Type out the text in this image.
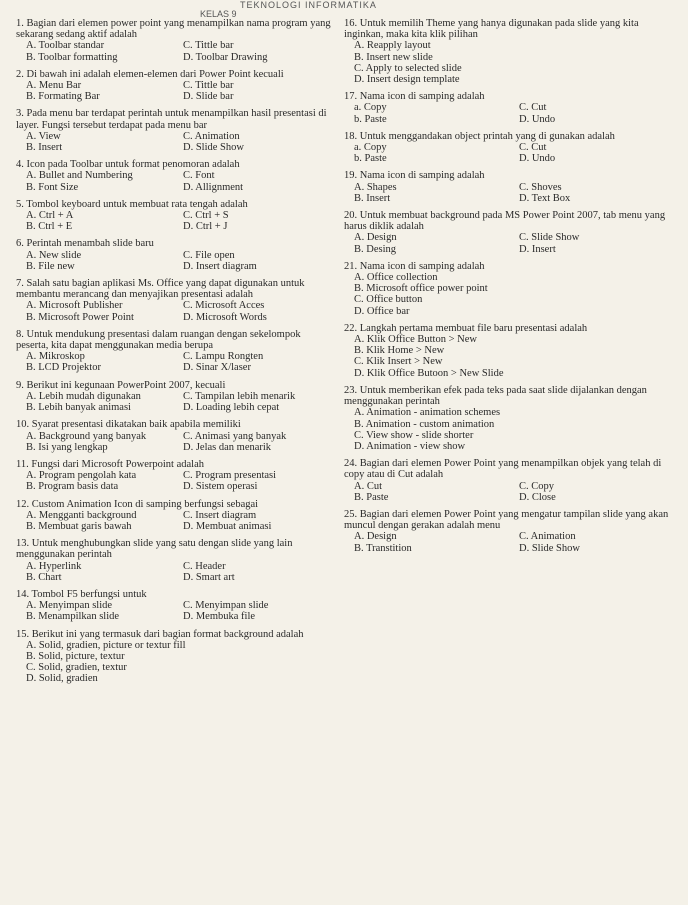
TEKNOLOGI INFORMATIKA
KELAS 9

1. Bagian dari elemen power point yang menampilkan nama program yang sekarang sedang aktif adalah

A. Toolbar standar	C. Tittle bar
B. Toolbar formatting	D. Toolbar Drawing

2. Di bawah ini adalah elemen-elemen dari Power Point kecuali

A. Menu Bar	C. Tittle bar
B. Formating Bar	D. Slide bar

3. Pada menu bar terdapat perintah untuk menampilkan hasil presentasi di layer. Fungsi tersebut terdapat pada menu bar

A. View	C. Animation
B. Insert	D. Slide Show

4. Icon pada Toolbar untuk format penomoran adalah

A. Bullet and Numbering	C. Font
B. Font Size	D. Allignment

5. Tombol keyboard untuk membuat rata tengah adalah

A. Ctrl + A	C. Ctrl + S
B. Ctrl + E	D. Ctrl + J

6. Perintah menambah slide baru

A. New slide	C. File open
B. File new	D. Insert diagram

7. Salah satu bagian aplikasi Ms. Office yang dapat digunakan untuk membantu merancang dan menyajikan presentasi adalah

A. Microsoft Publisher	C. Microsoft Acces
B. Microsoft Power Point	D. Microsoft Words

8. Untuk mendukung presentasi dalam ruangan dengan sekelompok peserta, kita dapat menggunakan media berupa

A. Mikroskop	C. Lampu Rongten
B. LCD Projektor	D. Sinar X/laser

9. Berikut ini kegunaan PowerPoint 2007, kecuali

A. Lebih mudah digunakan	C. Tampilan lebih menarik
B. Lebih banyak animasi	D. Loading lebih cepat

10. Syarat presentasi dikatakan baik apabila memiliki

A. Background yang banyak	C. Animasi yang banyak
B. Isi yang lengkap	D. Jelas dan menarik

11. Fungsi dari Microsoft Powerpoint adalah

A. Program pengolah kata	C. Program presentasi
B. Program basis data	D. Sistem operasi

12. Custom Animation Icon di samping berfungsi sebagai

A. Mengganti background	C. Insert diagram
B. Membuat garis bawah	D. Membuat animasi

13. Untuk menghubungkan slide yang satu dengan slide yang lain menggunakan perintah

A. Hyperlink	C. Header
B. Chart	D. Smart art

14. Tombol F5 berfungsi untuk

A. Menyimpan slide	C. Menyimpan slide
B. Menampilkan slide	D. Membuka file

15. Berikut ini yang termasuk dari bagian format background adalah

A. Solid, gradien, picture or textur fill
B. Solid, picture, textur
C. Solid, gradien, textur
D. Solid, gradien

16. Untuk memilih Theme yang hanya digunakan pada slide yang kita inginkan, maka kita klik pilihan

A. Reapply layout
B. Insert new slide
C. Apply to selected slide
D. Insert design template

17. Nama icon di samping adalah

a. Copy	C. Cut
b. Paste	D. Undo

18. Untuk menggandakan object printah yang di gunakan adalah

a. Copy	C. Cut
b. Paste	D. Undo

19. Nama icon di samping adalah

A. Shapes	C. Shoves
B. Insert	D. Text Box

20. Untuk membuat background pada MS Power Point 2007, tab menu yang harus diklik adalah

A. Design	C. Slide Show
B. Desing	D. Insert

21. Nama icon di samping adalah

A. Office collection
B. Microsoft office power point
C. Office button
D. Office bar

22. Langkah pertama membuat file baru presentasi adalah

A. Klik Office Button > New
B. Klik Home > New
C. Klik Insert > New
D. Klik Office Butoon > New Slide

23. Untuk memberikan efek pada teks pada saat slide dijalankan dengan menggunakan perintah

A. Animation - animation schemes
B. Animation - custom animation
C. View show - slide shorter
D. Animation - view show

24. Bagian dari elemen Power Point yang menampilkan objek yang telah di copy atau di Cut adalah

A. Cut	C. Copy
B. Paste	D. Close

25. Bagian dari elemen Power Point yang mengatur tampilan slide yang akan muncul dengan gerakan adalah menu

A. Design	C. Animation
B. Transtition	D. Slide Show
